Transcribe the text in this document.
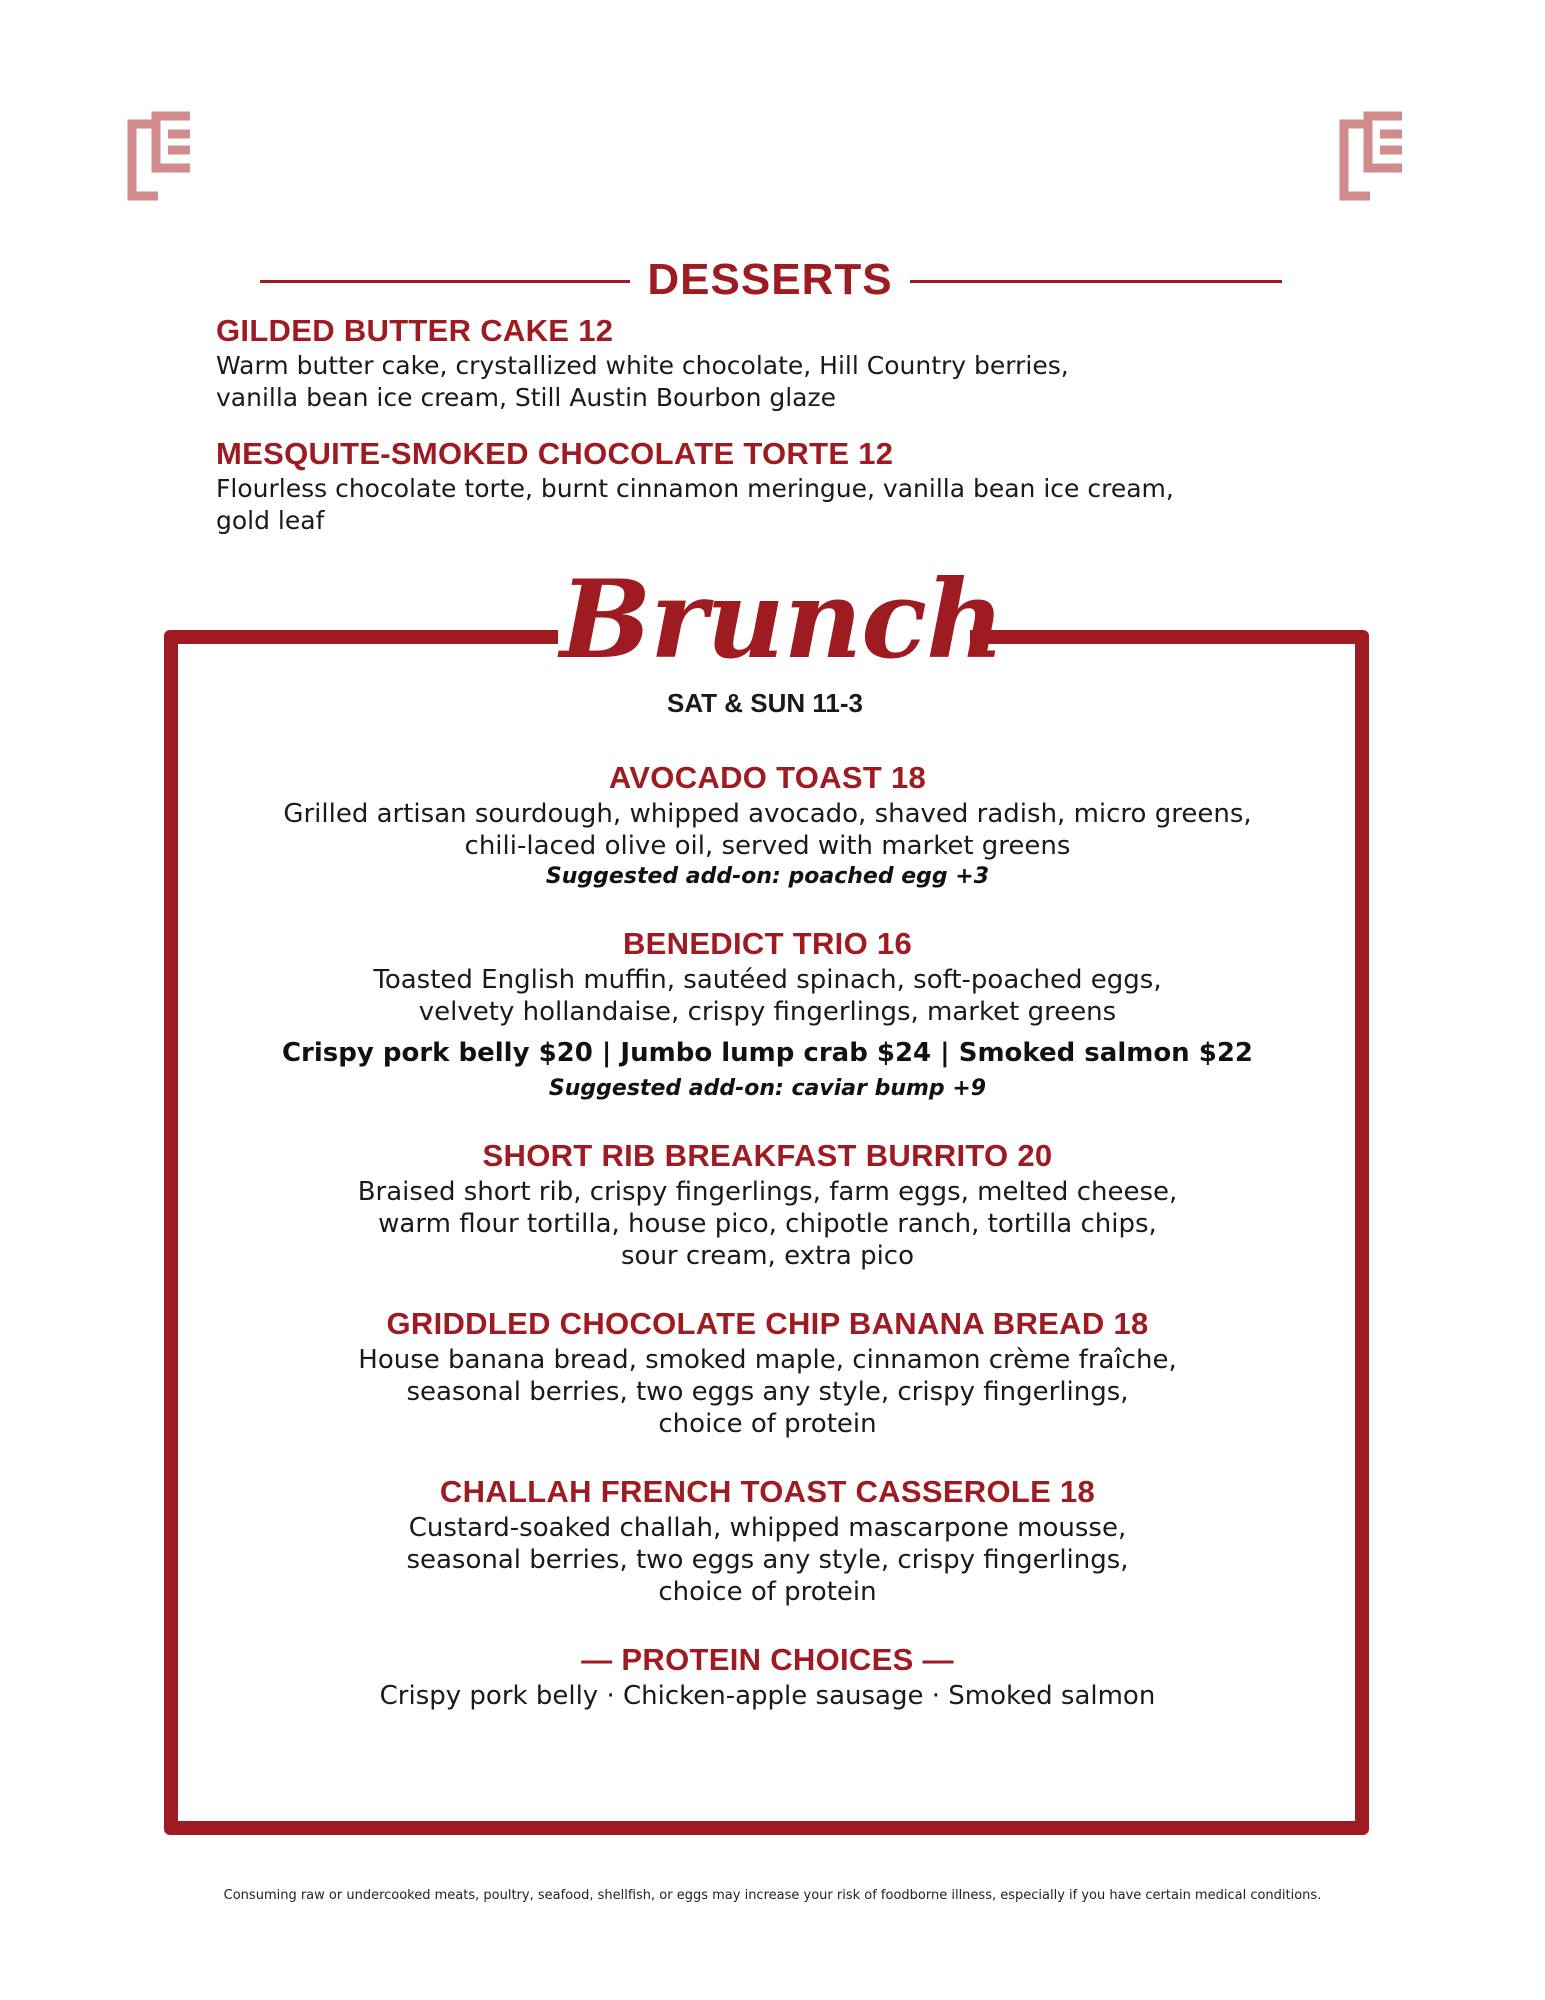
DESSERTS

GILDED BUTTER CAKE 12

Warm butter cake, crystallized white chocolate, Hill Country berries,
vanilla bean ice cream, Still Austin Bourbon glaze

MESQUITE-SMOKED CHOCOLATE TORTE 12

Flourless chocolate torte, burnt cinnamon meringue, vanilla bean ice cream,
gold leaf

Brunch
SAT & SUN 11-3

AVOCADO TOAST 18

Grilled artisan sourdough, whipped avocado, shaved radish, micro greens,
chili-laced olive oil, served with market greens

Suggested add-on: poached egg +3

BENEDICT TRIO 16

Toasted English muffin, sautéed spinach, soft-poached eggs,
velvety hollandaise, crispy fingerlings, market greens

Crispy pork belly $20 | Jumbo lump crab $24 | Smoked salmon $22

Suggested add-on: caviar bump +9

SHORT RIB BREAKFAST BURRITO 20

Braised short rib, crispy fingerlings, farm eggs, melted cheese,
warm flour tortilla, house pico, chipotle ranch, tortilla chips,
sour cream, extra pico

GRIDDLED CHOCOLATE CHIP BANANA BREAD 18

House banana bread, smoked maple, cinnamon crème fraîche,
seasonal berries, two eggs any style, crispy fingerlings,
choice of protein

CHALLAH FRENCH TOAST CASSEROLE 18

Custard-soaked challah, whipped mascarpone mousse,
seasonal berries, two eggs any style, crispy fingerlings,
choice of protein

— PROTEIN CHOICES —

Crispy pork belly · Chicken-apple sausage · Smoked salmon

Consuming raw or undercooked meats, poultry, seafood, shellfish, or eggs may increase your risk of foodborne illness, especially if you have certain medical conditions.
